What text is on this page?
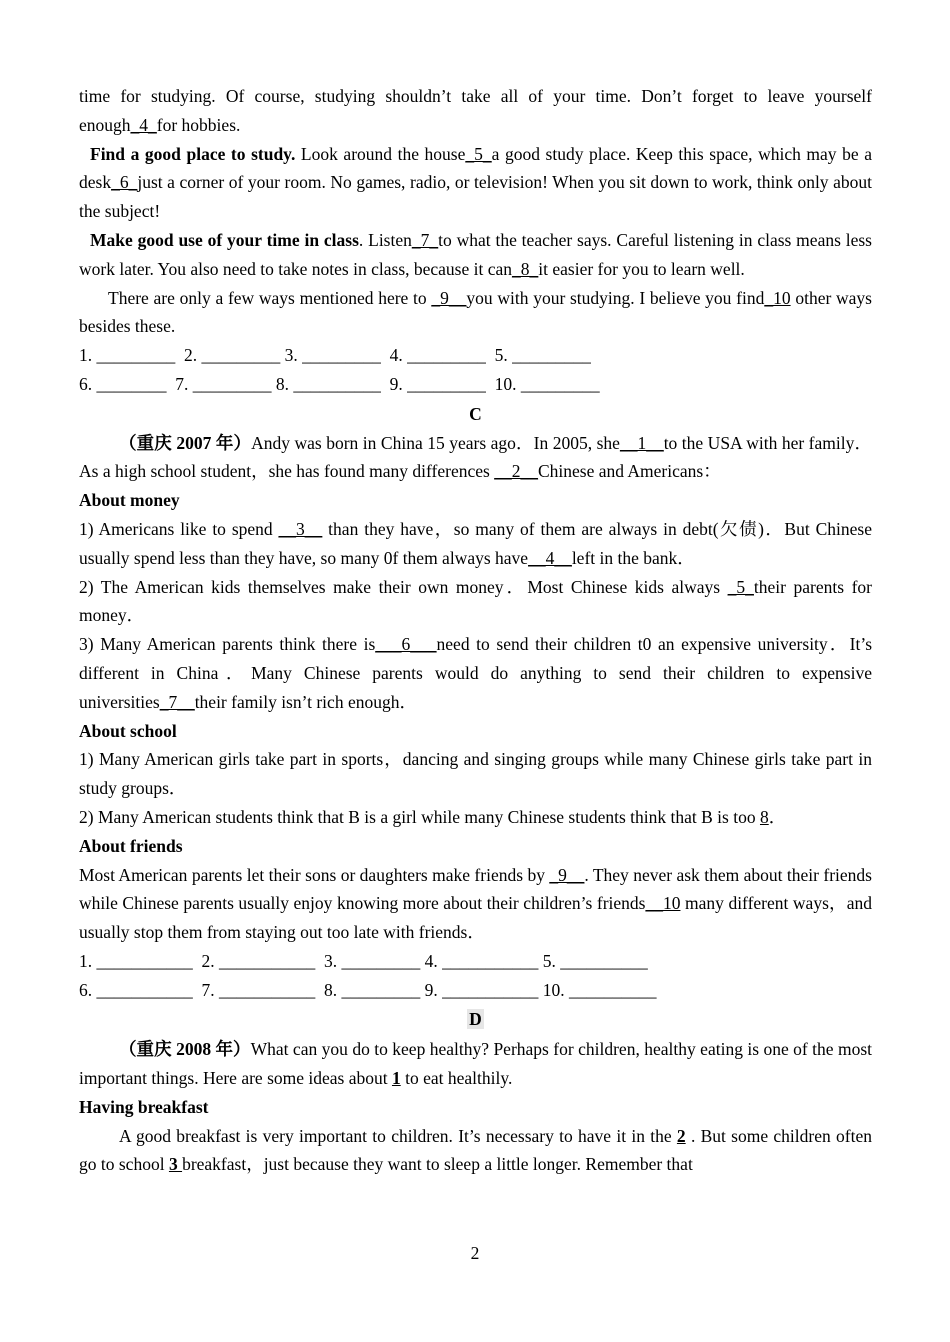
time for studying. Of course, studying shouldn’t take all of your time. Don’t forget to leave yourself enough_4_for hobbies.

Find a good place to study. Look around the house_5_a good study place. Keep this space, which may be a desk_6_just a corner of your room. No games, radio, or television! When you sit down to work, think only about the subject!

Make good use of your time in class. Listen_7_to what the teacher says. Careful listening in class means less work later. You also need to take notes in class, because it can_8_it easier for you to learn well.

There are only a few ways mentioned here to _9__you with your studying. I believe you find_10 other ways besides these.

1. _________  2. _________ 3. _________  4. _________  5. _________

6. ________  7. _________ 8. __________  9. _________  10. _________

C

（重庆 2007 年）Andy was born in China 15 years ago．In 2005, she__1__to the USA with her family．As a high school student，she has found many differences __2__Chinese and Americans：

About money

1) Americans like to spend __3__ than they have，so many of them are always in debt(欠债)．But Chinese usually spend less than they have, so many 0f them always have__4__left in the bank．

2) The American kids themselves make their own money．Most Chinese kids always _5_their parents for money．

3) Many American parents think there is___6___need to send their children t0 an expensive university．It’s different in China．Many Chinese parents would do anything to send their children to expensive universities_7__their family isn’t rich enough．

About school

1) Many American girls take part in sports，dancing and singing groups while many Chinese girls take part in study groups．

2) Many American students think that B is a girl while many Chinese students think that B is too 8．

About friends

Most American parents let their sons or daughters make friends by _9__. They never ask them about their friends while Chinese parents usually enjoy knowing more about their children’s friends__10 many different ways，and usually stop them from staying out too late with friends．

1. ___________  2. ___________  3. _________ 4. ___________ 5. __________

6. ___________  7. ___________  8. _________ 9. ___________ 10. __________

D

（重庆 2008 年）What can you do to keep healthy? Perhaps for children, healthy eating is one of the most important things. Here are some ideas about 1 to eat healthily.

Having breakfast

A good breakfast is very important to children. It’s necessary to have it in the 2 . But some children often go to school 3 breakfast，just because they want to sleep a little longer. Remember that

2
